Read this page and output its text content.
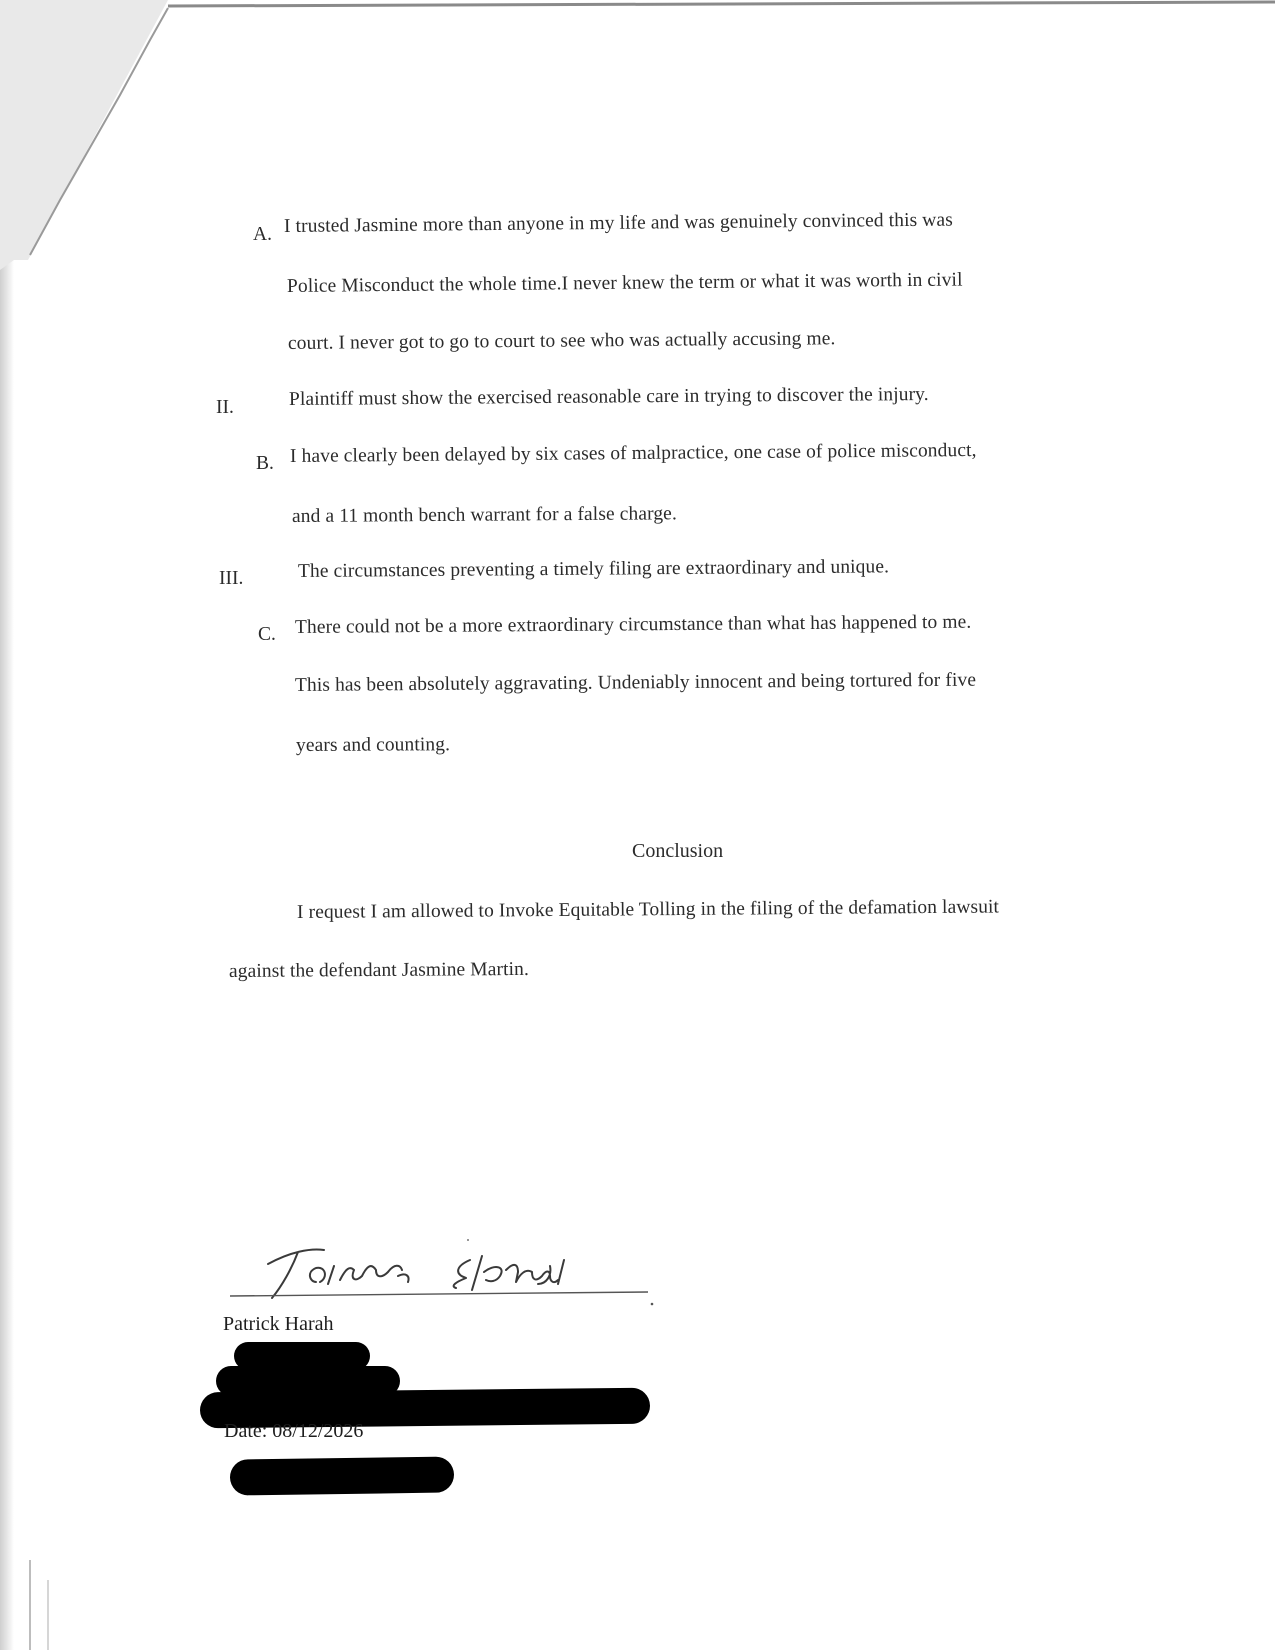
A. I trusted Jasmine more than anyone in my life and was genuinely convinced this was
Police Misconduct the whole time.I never knew the term or what it was worth in civil
court. I never got to go to court to see who was actually accusing me.
II.	Plaintiff must show the exercised reasonable care in trying to discover the injury.
B. I have clearly been delayed by six cases of malpractice, one case of police misconduct,
and a 11 month bench warrant for a false charge.
III.	The circumstances preventing a timely filing are extraordinary and unique.
C. There could not be a more extraordinary circumstance than what has happened to me.
This has been absolutely aggravating. Undeniably innocent and being tortured for five
years and counting.
Conclusion
I request I am allowed to Invoke Equitable Tolling in the filing of the defamation lawsuit
against the defendant Jasmine Martin.
Patrick Harah
Date: 08/12/2026
